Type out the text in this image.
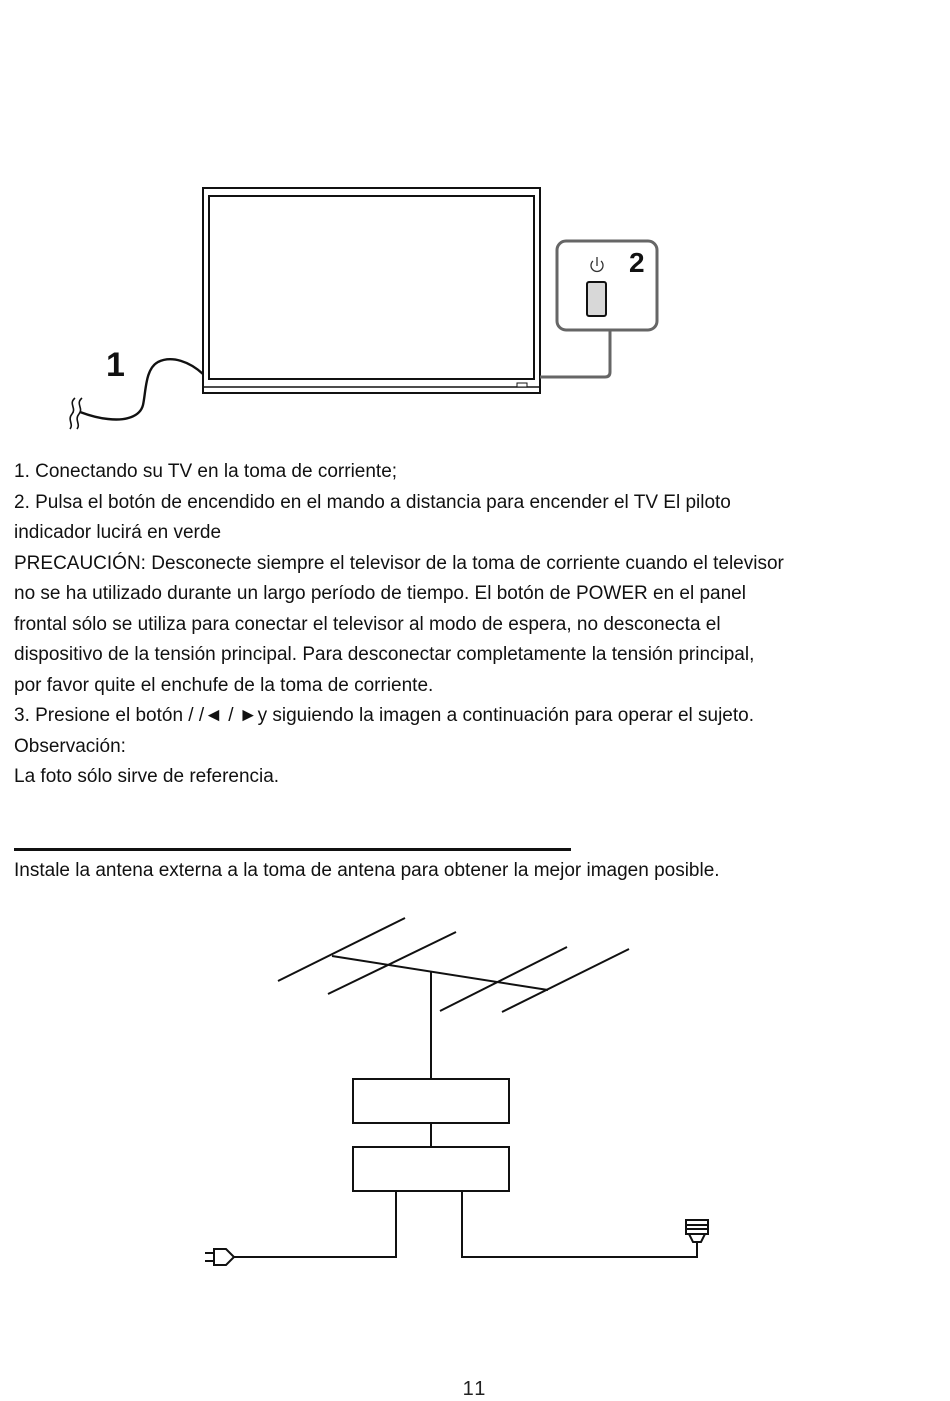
2
1

1. Conectando su TV en la toma de corriente;

2. Pulsa el botón de encendido en el mando a distancia para encender el TV El piloto

indicador lucirá en verde

PRECAUCIÓN: Desconecte siempre el televisor de la toma de corriente cuando el televisor

no se ha utilizado durante un largo período de tiempo. El botón de POWER en el panel

frontal sólo se utiliza para conectar el televisor al modo de espera, no desconecta el

dispositivo de la tensión principal. Para desconectar completamente la tensión principal,

por favor quite el enchufe de la toma de corriente.

3. Presione el botón / /◄ / ►y siguiendo la imagen a continuación para operar el sujeto.

Observación:

La foto sólo sirve de referencia.

Instale la antena externa a la toma de antena para obtener la mejor imagen posible.
11
